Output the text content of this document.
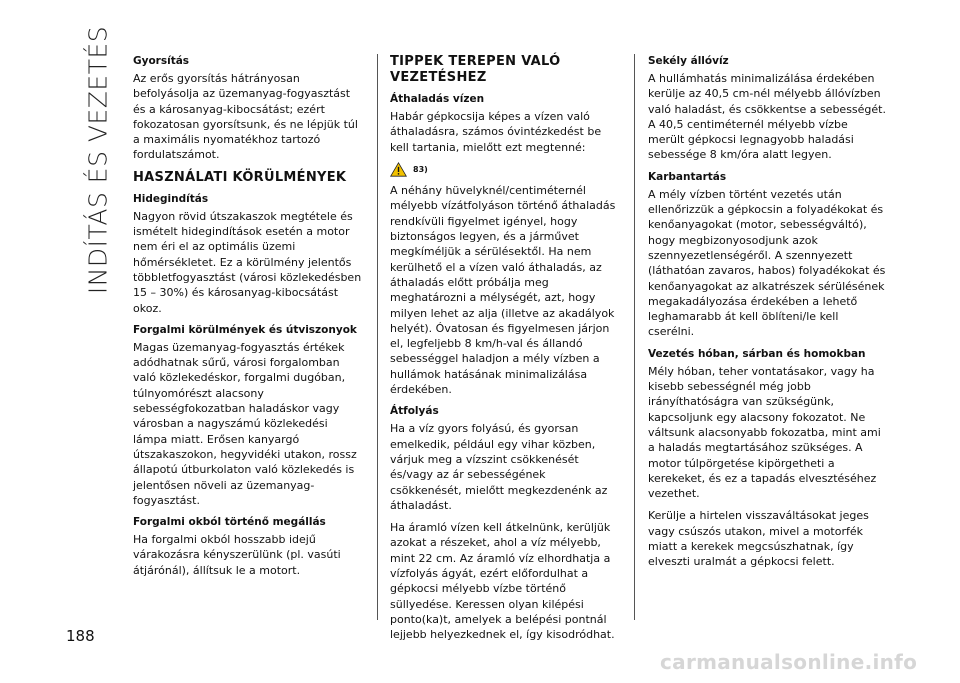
INDÍTÁS ÉS VEZETÉS Gyorsítás

Az erős gyorsítás hátrányosan befolyásolja az üzemanyag-fogyasztást és a károsanyag-kibocsátást; ezért fokozatosan gyorsítsunk, és ne lépjük túl a maximális nyomatékhoz tartozó fordulatszámot.

HASZNÁLATI KÖRÜLMÉNYEK
Hidegindítás

Nagyon rövid útszakaszok megtétele és ismételt hidegindítások esetén a motor nem éri el az optimális üzemi hőmérsékletet. Ez a körülmény jelentős többletfogyasztást (városi közlekedésben 15 – 30%) és károsanyag-kibocsátást okoz.

Forgalmi körülmények és útviszonyok

Magas üzemanyag-fogyasztás értékek adódhatnak sűrű, városi forgalomban való közlekedéskor, forgalmi dugóban, túlnyomórészt alacsony sebességfokozatban haladáskor vagy városban a nagyszámú közlekedési lámpa miatt. Erősen kanyargó útszakaszokon, hegyvidéki utakon, rossz állapotú útburkolaton való közlekedés is jelentősen növeli az üzemanyag-fogyasztást.

Forgalmi okból történő megállás

Ha forgalmi okból hosszabb idejű várakozásra kényszerülünk (pl. vasúti átjárónál), állítsuk le a motort.

TIPPEK TEREPEN VALÓ VEZETÉSHEZ
Áthaladás vízen

Habár gépkocsija képes a vízen való áthaladásra, számos óvintézkedést be kell tartania, mielőtt ezt megtenné:

83)

A néhány hüvelyknél/centiméternél mélyebb vízátfolyáson történő áthaladás rendkívüli figyelmet igényel, hogy biztonságos legyen, és a járművet megkíméljük a sérülésektől. Ha nem kerülhető el a vízen való áthaladás, az áthaladás előtt próbálja meg meghatározni a mélységét, azt, hogy milyen lehet az alja (illetve az akadályok helyét). Óvatosan és figyelmesen járjon el, legfeljebb 8 km/h-val és állandó sebességgel haladjon a mély vízben a hullámok hatásának minimalizálása érdekében.

Átfolyás

Ha a víz gyors folyású, és gyorsan emelkedik, például egy vihar közben, várjuk meg a vízszint csökkenését és/vagy az ár sebességének csökkenését, mielőtt megkezdenénk az áthaladást.

Ha áramló vízen kell átkelnünk, kerüljük azokat a részeket, ahol a víz mélyebb, mint 22 cm. Az áramló víz elhordhatja a vízfolyás ágyát, ezért előfordulhat a gépkocsi mélyebb vízbe történő süllyedése. Keressen olyan kilépési ponto(ka)t, amelyek a belépési pontnál lejjebb helyezkednek el, így kisodródhat.

Sekély állóvíz

A hullámhatás minimalizálása érdekében kerülje az 40,5 cm-nél mélyebb állóvízben való haladást, és csökkentse a sebességét. A 40,5 centiméternél mélyebb vízbe merült gépkocsi legnagyobb haladási sebessége 8 km/óra alatt legyen.

Karbantartás

A mély vízben történt vezetés után ellenőrizzük a gépkocsin a folyadékokat és kenőanyagokat (motor, sebességváltó), hogy megbizonyosodjunk azok szennyezetlenségéről. A szennyezett (láthatóan zavaros, habos) folyadékokat és kenőanyagokat az alkatrészek sérülésének megakadályozása érdekében a lehető leghamarabb át kell öblíteni/le kell cserélni.

Vezetés hóban, sárban és homokban

Mély hóban, teher vontatásakor, vagy ha kisebb sebességnél még jobb irányíthatóságra van szükségünk, kapcsoljunk egy alacsony fokozatot. Ne váltsunk alacsonyabb fokozatba, mint ami a haladás megtartásához szükséges. A motor túlpörgetése kipörgetheti a kerekeket, és ez a tapadás elvesztéséhez vezethet.

Kerülje a hirtelen visszaváltásokat jeges vagy csúszós utakon, mivel a motorfék miatt a kerekek megcsúszhatnak, így elveszti uralmát a gépkocsi felett.

188
carmanualsonline.info
